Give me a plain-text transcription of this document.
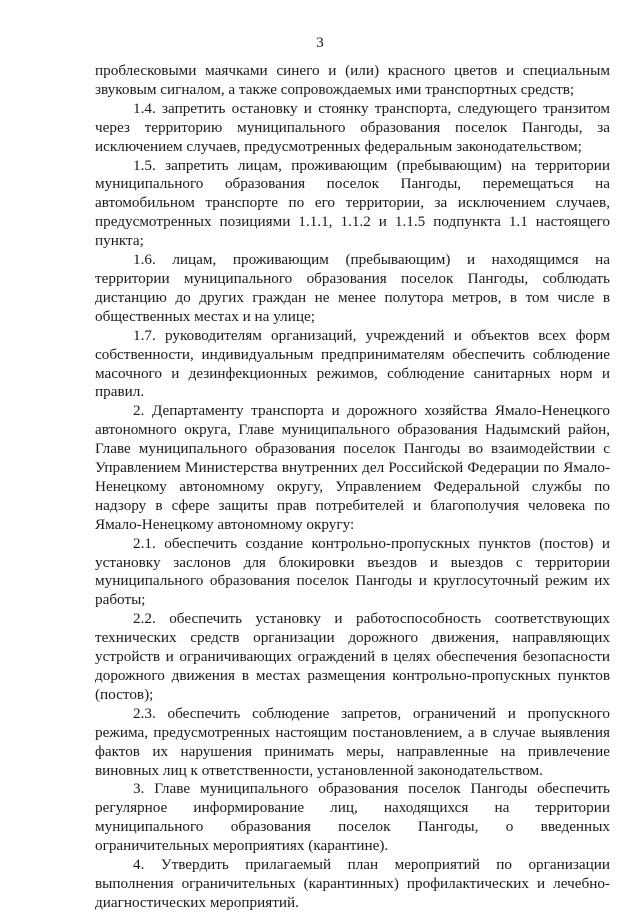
3

проблесковыми маячками синего и (или) красного цветов и специальным звуковым сигналом, а также сопровождаемых ими транспортных средств;

1.4. запретить остановку и стоянку транспорта, следующего транзитом через территорию муниципального образования поселок Пангоды, за исключением случаев, предусмотренных федеральным законодательством;

1.5. запретить лицам, проживающим (пребывающим) на территории муниципального образования поселок Пангоды, перемещаться на автомобильном транспорте по его территории, за исключением случаев, предусмотренных позициями 1.1.1, 1.1.2 и 1.1.5 подпункта 1.1 настоящего пункта;

1.6. лицам, проживающим (пребывающим) и находящимся на территории муниципального образования поселок Пангоды, соблюдать дистанцию до других граждан не менее полутора метров, в том числе в общественных местах и на улице;

1.7. руководителям организаций, учреждений и объектов всех форм собственности, индивидуальным предпринимателям обеспечить соблюдение масочного и дезинфекционных режимов, соблюдение санитарных норм и правил.

2. Департаменту транспорта и дорожного хозяйства Ямало-Ненецкого автономного округа, Главе муниципального образования Надымский район, Главе муниципального образования поселок Пангоды во взаимодействии с Управлением Министерства внутренних дел Российской Федерации по Ямало-Ненецкому автономному округу, Управлением Федеральной службы по надзору в сфере защиты прав потребителей и благополучия человека по Ямало-Ненецкому автономному округу:

2.1. обеспечить создание контрольно-пропускных пунктов (постов) и установку заслонов для блокировки въездов и выездов с территории муниципального образования поселок Пангоды и круглосуточный режим их работы;

2.2. обеспечить установку и работоспособность соответствующих технических средств организации дорожного движения, направляющих устройств и ограничивающих ограждений в целях обеспечения безопасности дорожного движения в местах размещения контрольно-пропускных пунктов (постов);

2.3. обеспечить соблюдение запретов, ограничений и пропускного режима, предусмотренных настоящим постановлением, а в случае выявления фактов их нарушения принимать меры, направленные на привлечение виновных лиц к ответственности, установленной законодательством.

3. Главе муниципального образования поселок Пангоды обеспечить регулярное информирование лиц, находящихся на территории муниципального образования поселок Пангоды, о введенных ограничительных мероприятиях (карантине).

4. Утвердить прилагаемый план мероприятий по организации выполнения ограничительных (карантинных) профилактических и лечебно-диагностических мероприятий.
